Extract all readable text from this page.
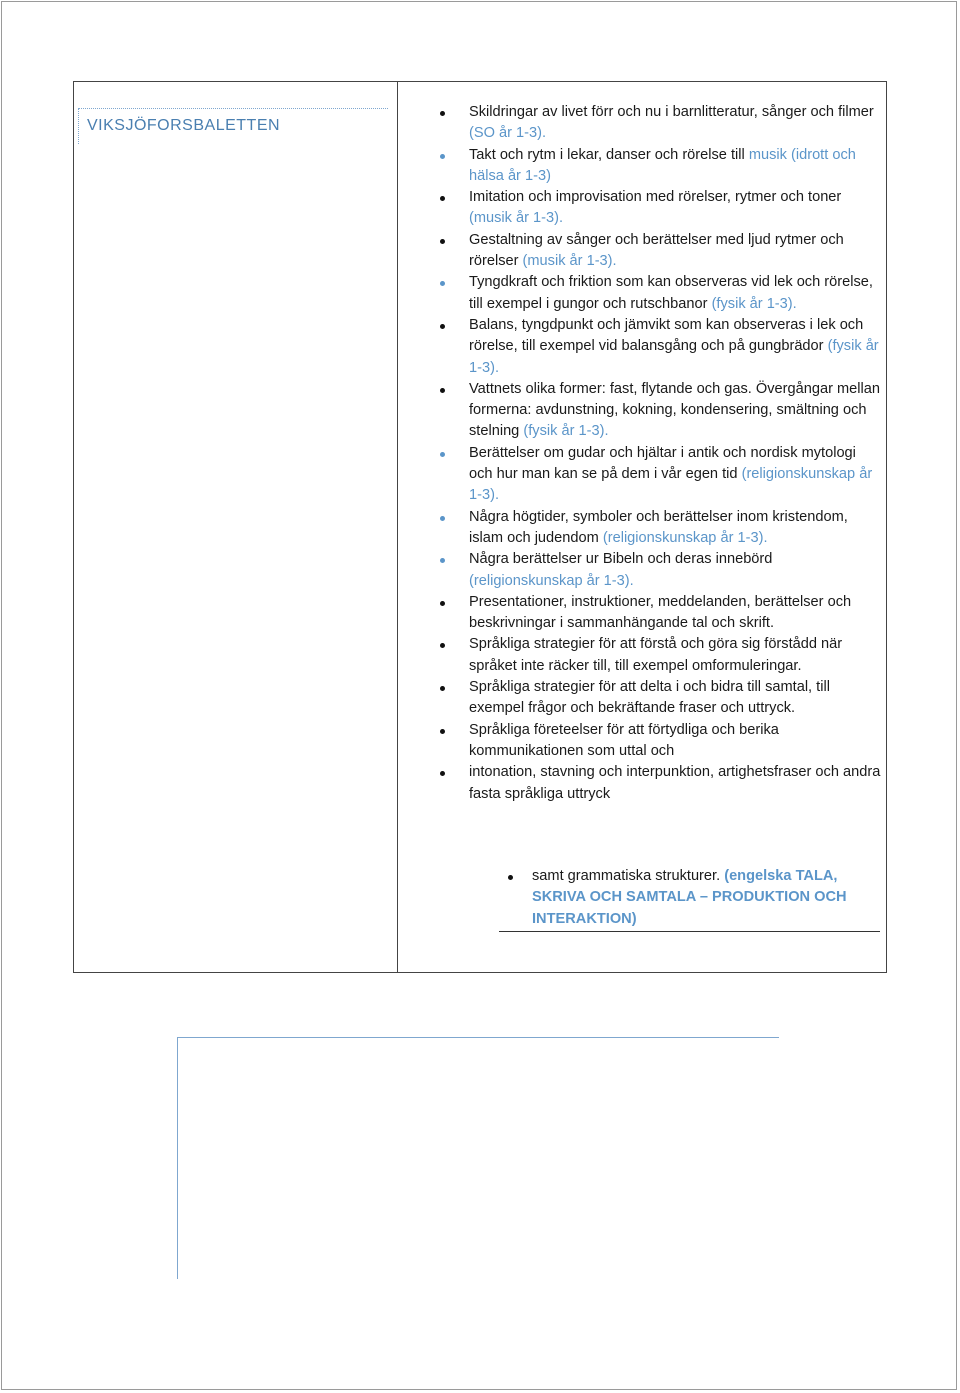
VIKSJÖFORSBALETTEN
Skildringar av livet förr och nu i barnlitteratur, sånger och filmer (SO år 1-3).
Takt och rytm i lekar, danser och rörelse till musik (idrott och hälsa år 1-3)
Imitation och improvisation med rörelser, rytmer och toner (musik år 1-3).
Gestaltning av sånger och berättelser med ljud rytmer och rörelser (musik år 1-3).
Tyngdkraft och friktion som kan observeras vid lek och rörelse, till exempel i gungor och rutschbanor (fysik år 1-3).
Balans, tyngdpunkt och jämvikt som kan observeras i lek och rörelse, till exempel vid balansgång och på gungbrädor (fysik år 1-3).
Vattnets olika former: fast, flytande och gas. Övergångar mellan formerna: avdunstning, kokning, kondensering, smältning och stelning (fysik år 1-3).
Berättelser om gudar och hjältar i antik och nordisk mytologi och hur man kan se på dem i vår egen tid (religionskunskap år 1-3).
Några högtider, symboler och berättelser inom kristendom, islam och judendom (religionskunskap år 1-3).
Några berättelser ur Bibeln och deras innebörd (religionskunskap år 1-3).
Presentationer, instruktioner, meddelanden, berättelser och beskrivningar i sammanhängande tal och skrift.
Språkliga strategier för att förstå och göra sig förstådd när språket inte räcker till, till exempel omformuleringar.
Språkliga strategier för att delta i och bidra till samtal, till exempel frågor och bekräftande fraser och uttryck.
Språkliga företeelser för att förtydliga och berika kommunikationen som uttal och
intonation, stavning och interpunktion, artighetsfraser och andra fasta språkliga uttryck
samt grammatiska strukturer. (engelska TALA, SKRIVA OCH SAMTALA – PRODUKTION OCH INTERAKTION)
